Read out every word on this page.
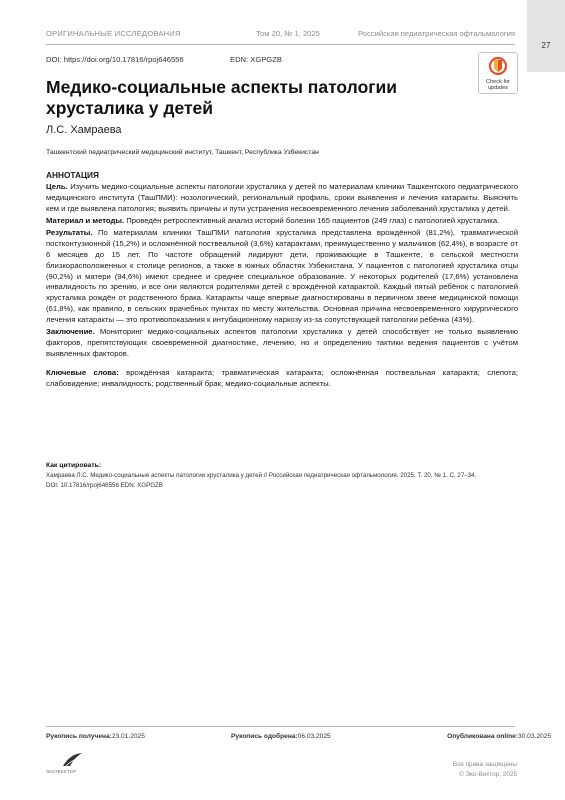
ОРИГИНАЛЬНЫЕ ИССЛЕДОВАНИЯ	Том 20, № 1, 2025	Российская педиатрическая офтальмология
27
DOI: https://doi.org/10.17816/rpoj646556	EDN: XGPGZB
Медико-социальные аспекты патологии хрусталика у детей
Check for
updates
Л.С. Хамраева
Ташкентский педиатрический медицинский институт, Ташкент, Республика Узбекистан
АННОТАЦИЯ

Цель. Изучить медико-социальные аспекты патологии хрусталика у детей по материалам клиники Ташкентского педиатрического медицинского института (ТашПМИ): нозологический, региональный профиль, сроки выявления и лечения катаракты. Выяснить кем и где выявлена патология; выявить причины и пути устранения несвоевременного лечения заболеваний хрусталика у детей.

Материал и методы. Проведён ретроспективный анализ историй болезни 165 пациентов (249 глаз) с патологией хрусталика.

Результаты. По материалам клиники ТашПМИ патология хрусталика представлена врождённой (81,2%), травматической постконтузионной (15,2%) и осложнённой поствеальной (3,6%) катарактами, преимущественно у мальчиков (62,4%), в возрасте от 6 месяцев до 15 лет. По частоте обращений лидируют дети, проживающие в Ташкенте, в сельской местности близкорасположенных к столице регионов, а также в южных областях Узбекистана. У пациентов с патологией хрусталика отцы (90,2%) и матери (94,6%) имеют среднее и среднее специальное образование. У некоторых родителей (17,6%) установлена инвалидность по зрению, и все они являются родителями детей с врождённой катарактой. Каждый пятый ребёнок с патологией хрусталика рождён от родственного брака. Катаракты чаще впервые диагностированы в первичном звене медицинской помощи (61,8%), как правило, в сельских врачебных пунктах по месту жительства. Основная причина несвоевременного хирургического лечения катаракты — это противопоказания к интубационному наркозу из-за сопутствующей патологии ребёнка (43%).

Заключение. Мониторинг медико-социальных аспектов патологии хрусталика у детей способствует не только выявлению факторов, препятствующих своевременной диагностике, лечению, но и определению тактики ведения пациентов с учётом выявленных факторов.

Ключевые слова: врождённая катаракта; травматическая катаракта; осложнённая поствеальная катаракта; слепота; слабовидение; инвалидность; родственный брак; медико-социальные аспекты.

Как цитировать:
Хамраева Л.С. Медико-социальные аспекты патологии хрусталика у детей // Российская педиатрическая офтальмология. 2025. Т. 20, № 1. С. 27–34.
DOI: 10.17816/rpoj646556 EDN: XGPGZB
Рукопись получена: 23.01.2025	Рукопись одобрена: 06.03.2025	Опубликована online: 30.03.2025
ЭКО•ВЕКТОР
Все права защищены
© Эко-Вектор, 2025
